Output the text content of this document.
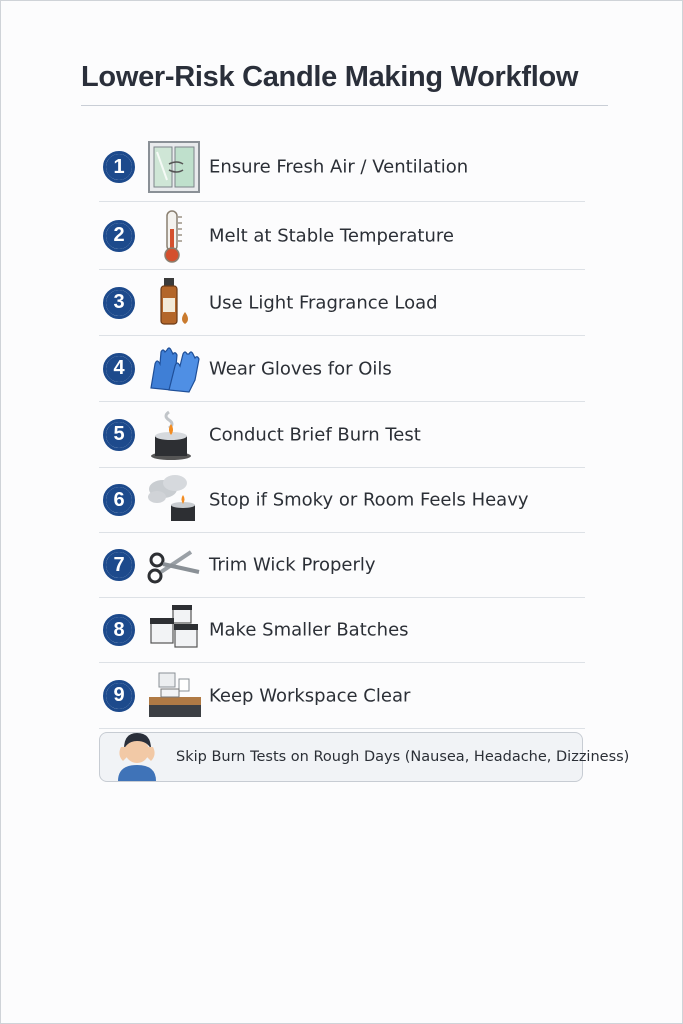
Lower-Risk Candle Making Workflow
1	Ensure Fresh Air / Ventilation
2	Melt at Stable Temperature
3	Use Light Fragrance Load
4	Wear Gloves for Oils
5	Conduct Brief Burn Test
6	Stop if Smoky or Room Feels Heavy
7	Trim Wick Properly
8	Make Smaller Batches
9	Keep Workspace Clear
Skip Burn Tests on Rough Days (Nausea, Headache, Dizziness)
